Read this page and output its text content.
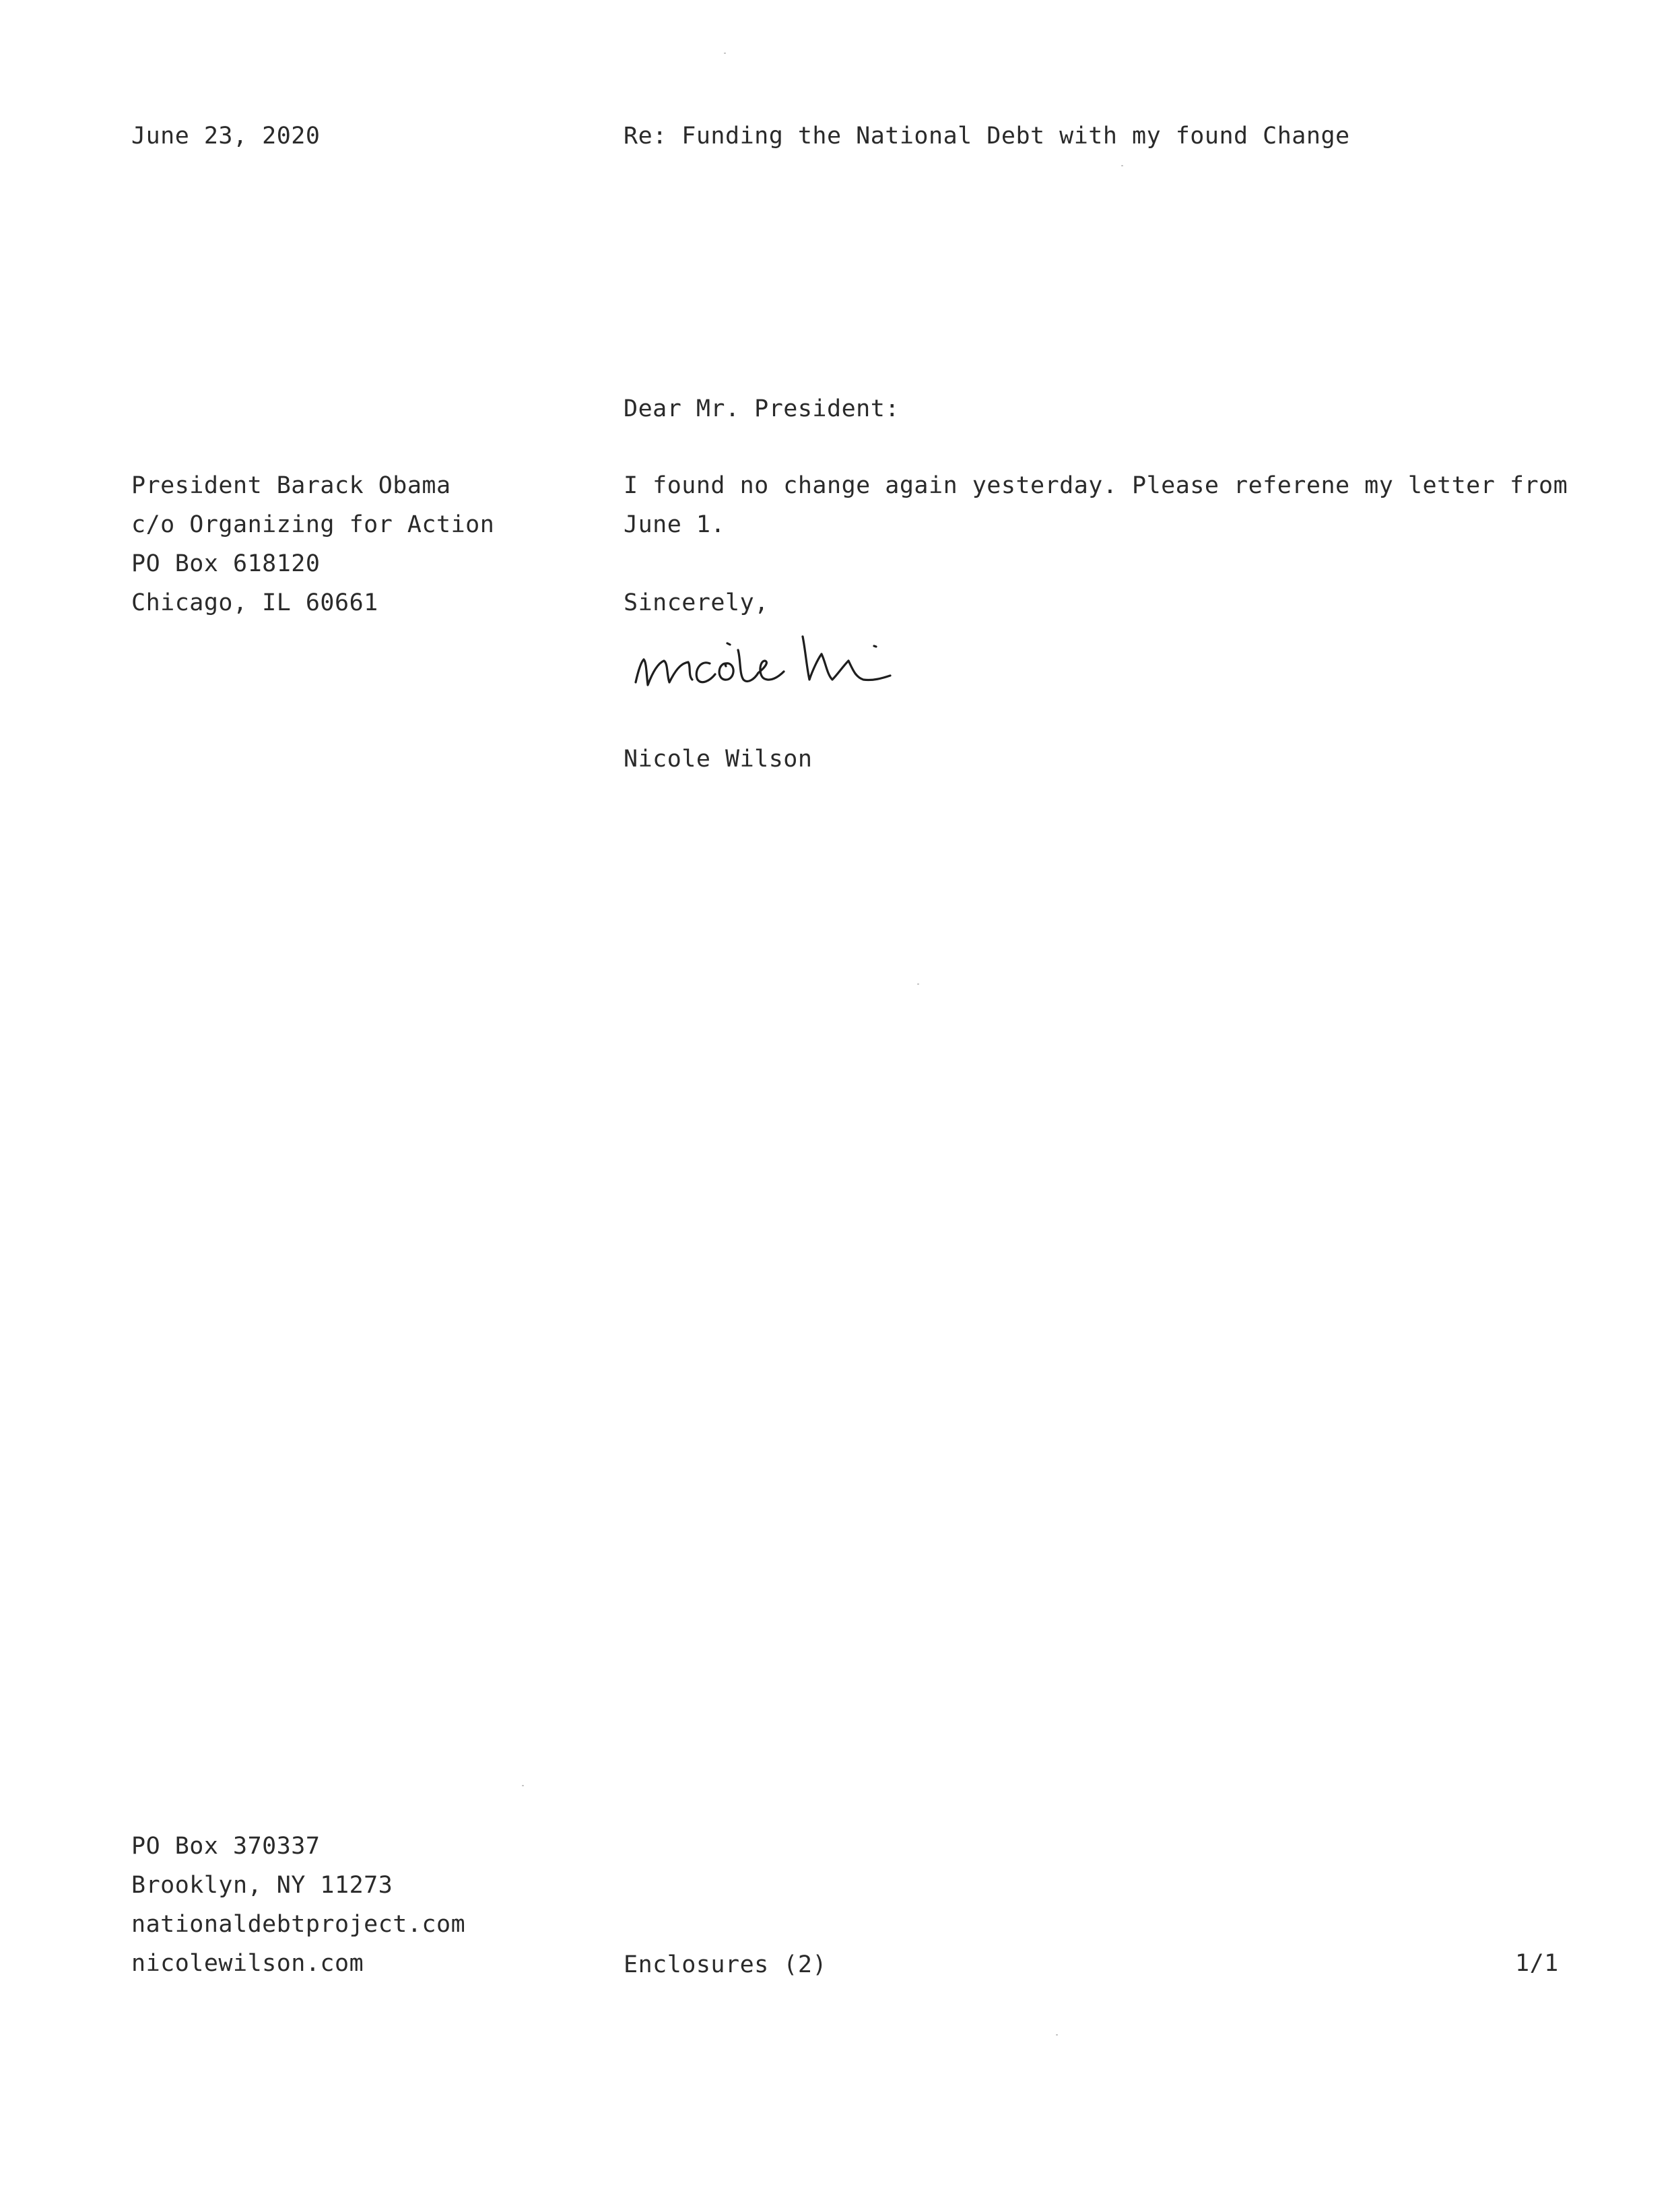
June 23, 2020	Re: Funding the National Debt with my found Change
Dear Mr. President:
President Barack Obama
c/o Organizing for Action
PO Box 618120
Chicago, IL 60661
I found no change again yesterday. Please referene my letter from
June 1.
Sincerely,
Nicole Wilson
PO Box 370337
Brooklyn, NY 11273
nationaldebtproject.com
nicolewilson.com	Enclosures (2)	1/1
